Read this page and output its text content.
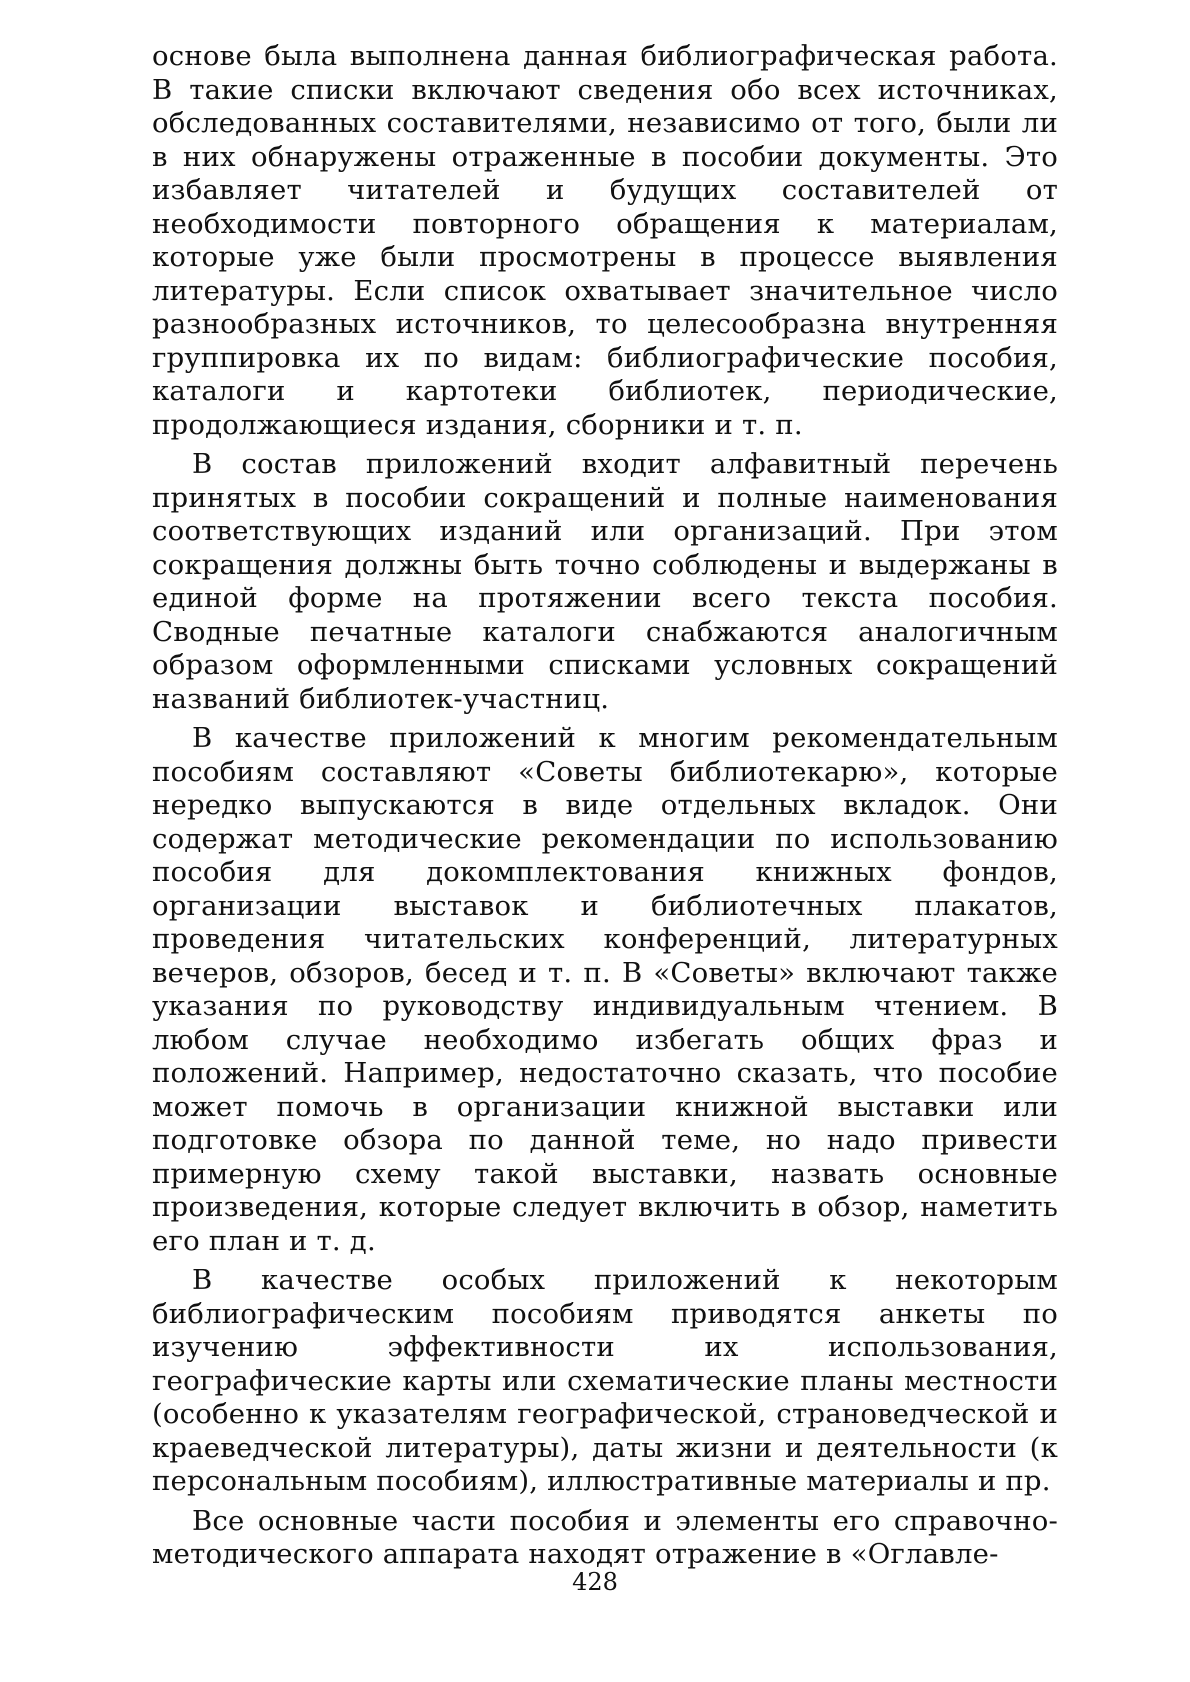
основе была выполнена данная библиографическая работа. В такие списки включают сведения обо всех источниках, обследованных составителями, независимо от того, были ли в них обнаружены отраженные в пособии документы. Это избавляет читателей и будущих составителей от необходимости повторного обращения к материалам, которые уже были просмотрены в процессе выявления литературы. Если список охватывает значительное число разнообразных источников, то целесообразна внутренняя группировка их по видам: библиографические пособия, каталоги и картотеки библиотек, периодические, продолжающиеся издания, сборники и т. п.

В состав приложений входит алфавитный перечень принятых в пособии сокращений и полные наименования соответствующих изданий или организаций. При этом сокращения должны быть точно соблюдены и выдержаны в единой форме на протяжении всего текста пособия. Сводные печатные каталоги снабжаются аналогичным образом оформленными списками условных сокращений названий библиотек-участниц.

В качестве приложений к многим рекомендательным пособиям составляют «Советы библиотекарю», которые нередко выпускаются в виде отдельных вкладок. Они содержат методические рекомендации по использованию пособия для докомплектования книжных фондов, организации выставок и библиотечных плакатов, проведения читательских конференций, литературных вечеров, обзоров, бесед и т. п. В «Советы» включают также указания по руководству индивидуальным чтением. В любом случае необходимо избегать общих фраз и положений. Например, недостаточно сказать, что пособие может помочь в организации книжной выставки или подготовке обзора по данной теме, но надо привести примерную схему такой выставки, назвать основные произведения, которые следует включить в обзор, наметить его план и т. д.

В качестве особых приложений к некоторым библиографическим пособиям приводятся анкеты по изучению эффективности их использования, географические карты или схематические планы местности (особенно к указателям географической, страноведческой и краеведческой литературы), даты жизни и деятельности (к персональным пособиям), иллюстративные материалы и пр.

Все основные части пособия и элементы его справочно-методического аппарата находят отражение в «Оглавле-

428
